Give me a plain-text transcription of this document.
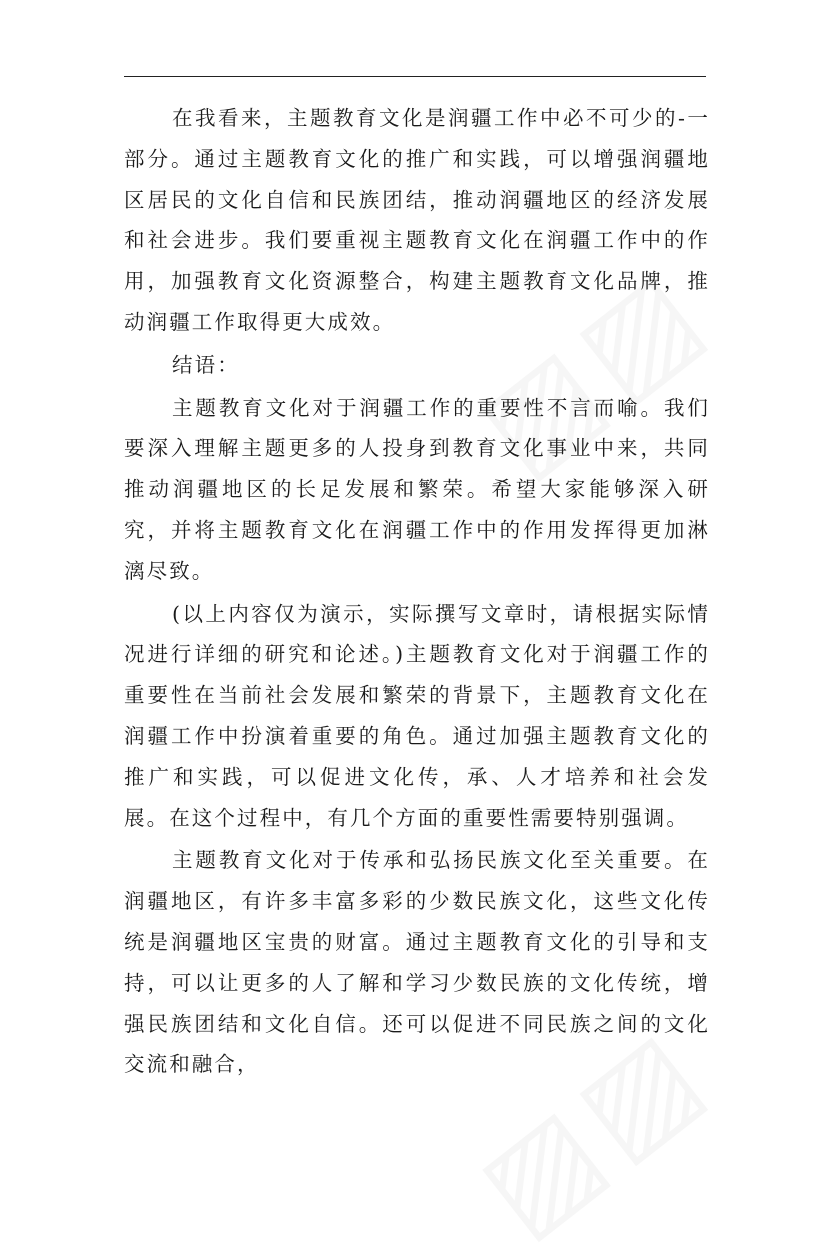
在我看来，主题教育文化是润疆工作中必不可少的-一部分。通过主题教育文化的推广和实践，可以增强润疆地区居民的文化自信和民族团结，推动润疆地区的经济发展和社会进步。我们要重视主题教育文化在润疆工作中的作用，加强教育文化资源整合，构建主题教育文化品牌，推动润疆工作取得更大成效。

结语：

主题教育文化对于润疆工作的重要性不言而喻。我们要深入理解主题更多的人投身到教育文化事业中来，共同推动润疆地区的长足发展和繁荣。希望大家能够深入研究，并将主题教育文化在润疆工作中的作用发挥得更加淋漓尽致。

(以上内容仅为演示，实际撰写文章时，请根据实际情况进行详细的研究和论述。)主题教育文化对于润疆工作的重要性在当前社会发展和繁荣的背景下，主题教育文化在润疆工作中扮演着重要的角色。通过加强主题教育文化的推广和实践，可以促进文化传，承、人才培养和社会发展。在这个过程中，有几个方面的重要性需要特别强调。

主题教育文化对于传承和弘扬民族文化至关重要。在润疆地区，有许多丰富多彩的少数民族文化，这些文化传统是润疆地区宝贵的财富。通过主题教育文化的引导和支持，可以让更多的人了解和学习少数民族的文化传统，增强民族团结和文化自信。还可以促进不同民族之间的文化交流和融合，
